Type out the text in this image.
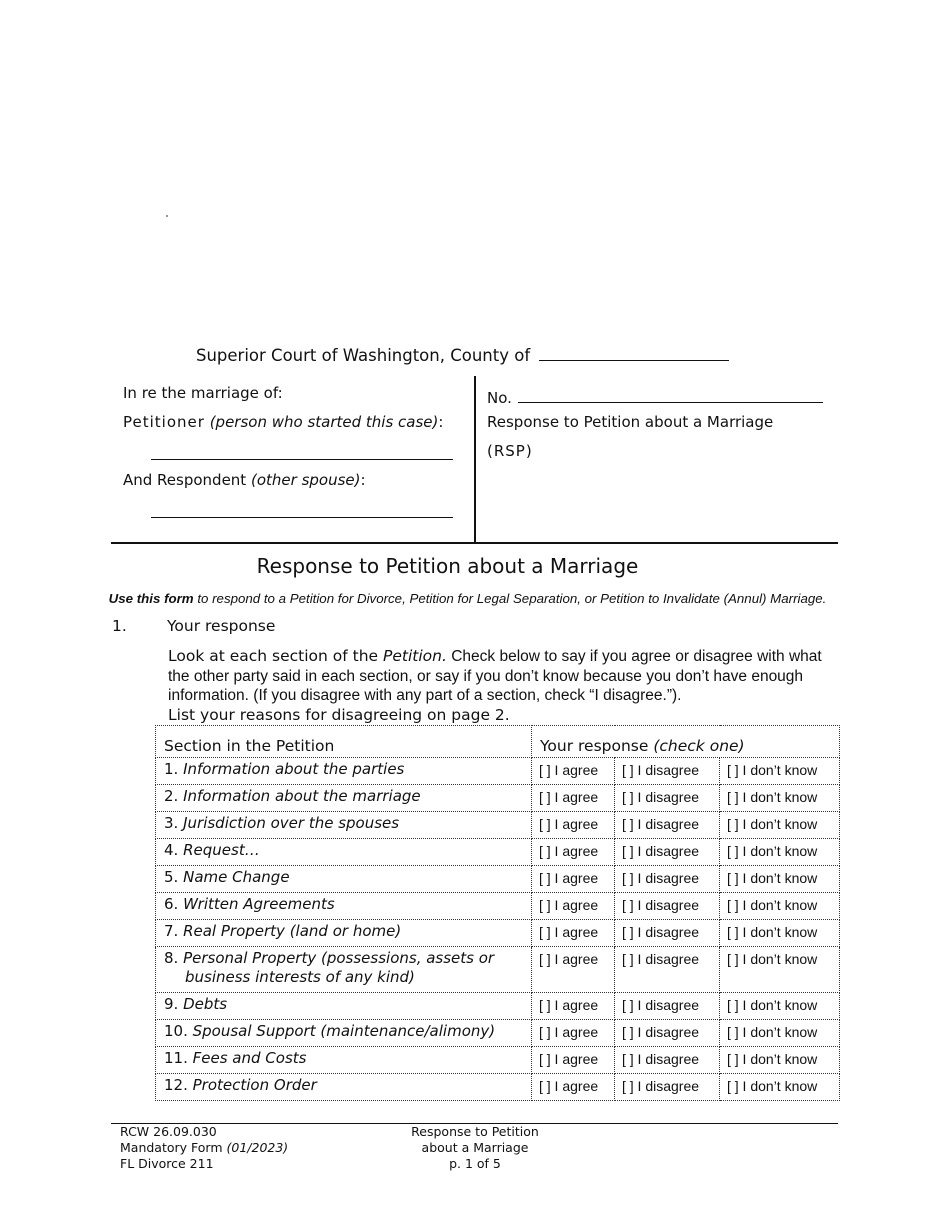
Superior Court of Washington, County of
In re the marriage of:
Petitioner (person who started this case):
And Respondent (other spouse):
No.
Response to Petition about a Marriage
(RSP)
Response to Petition about a Marriage
Use this form to respond to a Petition for Divorce, Petition for Legal Separation, or Petition to Invalidate (Annul) Marriage.
1.	Your response
Look at each section of the Petition. Check below to say if you agree or disagree with what the other party said in each section, or say if you don’t know because you don’t have enough information. (If you disagree with any part of a section, check “I disagree.”).
List your reasons for disagreeing on page 2.
Section in the Petition	Your response (check one)		
1. Information about the parties	[ ] I agree	[ ] I disagree	[ ] I don’t know
2. Information about the marriage	[ ] I agree	[ ] I disagree	[ ] I don’t know
3. Jurisdiction over the spouses	[ ] I agree	[ ] I disagree	[ ] I don’t know
4. Request…	[ ] I agree	[ ] I disagree	[ ] I don’t know
5. Name Change	[ ] I agree	[ ] I disagree	[ ] I don’t know
6. Written Agreements	[ ] I agree	[ ] I disagree	[ ] I don’t know
7. Real Property (land or home)	[ ] I agree	[ ] I disagree	[ ] I don’t know

8. Personal Property (possessions, assets or business interests of any kind)	[ ] I agree	[ ] I disagree	[ ] I don’t know
9. Debts	[ ] I agree	[ ] I disagree	[ ] I don’t know
10. Spousal Support (maintenance/alimony)	[ ] I agree	[ ] I disagree	[ ] I don’t know
11. Fees and Costs	[ ] I agree	[ ] I disagree	[ ] I don’t know
12. Protection Order	[ ] I agree	[ ] I disagree	[ ] I don’t know
RCW 26.09.030
Mandatory Form (01/2023)
FL Divorce 211
Response to Petition
about a Marriage
p. 1 of 5
